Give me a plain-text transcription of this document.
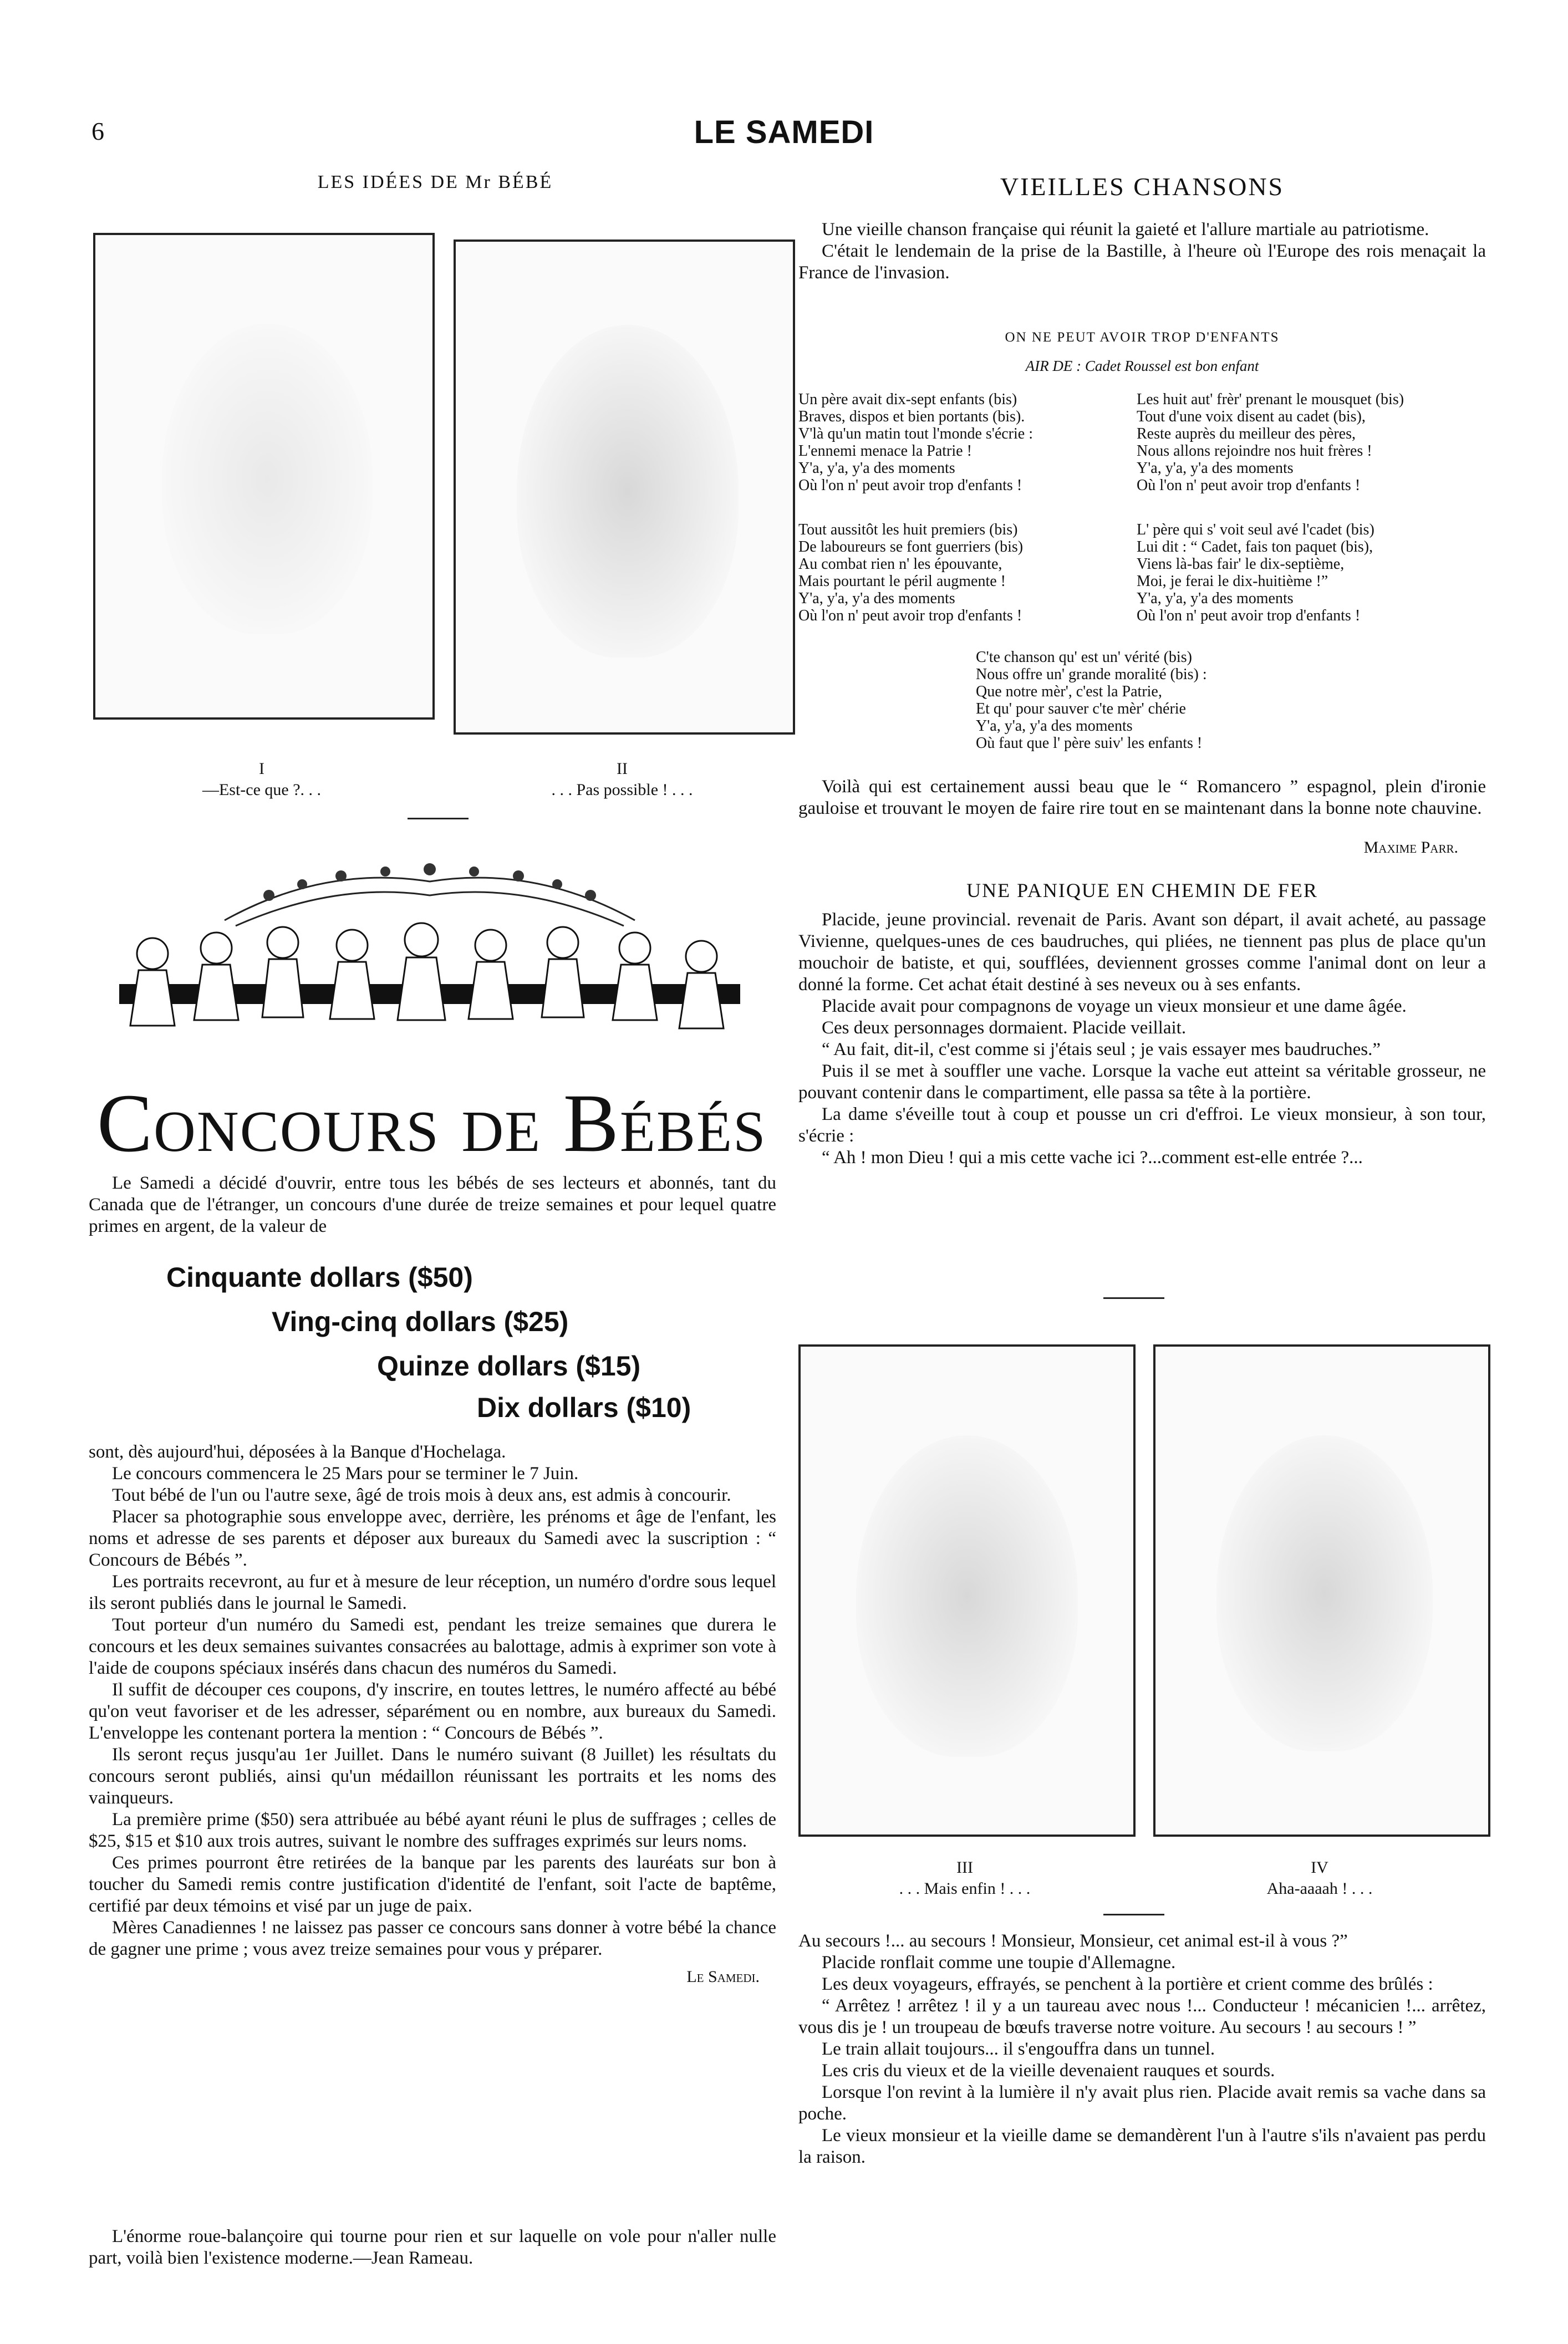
6	LE SAMEDI
LES IDÉES DE Mr BÉBÉ
I
—Est-ce que ?. . .
II
. . . Pas possible ! . . .
Concours de Bébés

Le Samedi a décidé d'ouvrir, entre tous les bébés de ses lecteurs et abonnés, tant du Canada que de l'étranger, un concours d'une durée de treize semaines et pour lequel quatre primes en argent, de la valeur de

Cinquante dollars ($50)
Ving-cinq dollars ($25)
Quinze dollars ($15)
Dix dollars ($10)

sont, dès aujourd'hui, déposées à la Banque d'Hochelaga.

Le concours commencera le 25 Mars pour se terminer le 7 Juin.

Tout bébé de l'un ou l'autre sexe, âgé de trois mois à deux ans, est admis à concourir.

Placer sa photographie sous enveloppe avec, derrière, les prénoms et âge de l'enfant, les noms et adresse de ses parents et déposer aux bureaux du Samedi avec la suscription : “ Concours de Bébés ”.

Les portraits recevront, au fur et à mesure de leur réception, un numéro d'ordre sous lequel ils seront publiés dans le journal le Samedi.

Tout porteur d'un numéro du Samedi est, pendant les treize semaines que durera le concours et les deux semaines suivantes consacrées au balottage, admis à exprimer son vote à l'aide de coupons spéciaux insérés dans chacun des numéros du Samedi.

Il suffit de découper ces coupons, d'y inscrire, en toutes lettres, le numéro affecté au bébé qu'on veut favoriser et de les adresser, séparément ou en nombre, aux bureaux du Samedi. L'enveloppe les contenant portera la mention : “ Concours de Bébés ”.

Ils seront reçus jusqu'au 1er Juillet. Dans le numéro suivant (8 Juillet) les résultats du concours seront publiés, ainsi qu'un médaillon réunissant les portraits et les noms des vainqueurs.

La première prime ($50) sera attribuée au bébé ayant réuni le plus de suffrages ; celles de $25, $15 et $10 aux trois autres, suivant le nombre des suffrages exprimés sur leurs noms.

Ces primes pourront être retirées de la banque par les parents des lauréats sur bon à toucher du Samedi remis contre justification d'identité de l'enfant, soit l'acte de baptême, certifié par deux témoins et visé par un juge de paix.

Mères Canadiennes ! ne laissez pas passer ce concours sans donner à votre bébé la chance de gagner une prime ; vous avez treize semaines pour vous y préparer.

Le Samedi.

L'énorme roue-balançoire qui tourne pour rien et sur laquelle on vole pour n'aller nulle part, voilà bien l'existence moderne.—Jean Rameau.

VIEILLES CHANSONS

Une vieille chanson française qui réunit la gaieté et l'allure martiale au patriotisme.

C'était le lendemain de la prise de la Bastille, à l'heure où l'Europe des rois menaçait la France de l'invasion.

ON NE PEUT AVOIR TROP D'ENFANTS
AIR DE : Cadet Roussel est bon enfant
Un père avait dix-sept enfants (bis)
Braves, dispos et bien portants (bis).
V'là qu'un matin tout l'monde s'écrie :
L'ennemi menace la Patrie !
Y'a, y'a, y'a des moments
Où l'on n' peut avoir trop d'enfants !
Les huit aut' frèr' prenant le mousquet (bis)
Tout d'une voix disent au cadet (bis),
Reste auprès du meilleur des pères,
Nous allons rejoindre nos huit frères !
Y'a, y'a, y'a des moments
Où l'on n' peut avoir trop d'enfants !
Tout aussitôt les huit premiers (bis)
De laboureurs se font guerriers (bis)
Au combat rien n' les épouvante,
Mais pourtant le péril augmente !
Y'a, y'a, y'a des moments
Où l'on n' peut avoir trop d'enfants !
L' père qui s' voit seul avé l'cadet (bis)
Lui dit : “ Cadet, fais ton paquet (bis),
Viens là-bas fair' le dix-septième,
Moi, je ferai le dix-huitième !”
Y'a, y'a, y'a des moments
Où l'on n' peut avoir trop d'enfants !
C'te chanson qu' est un' vérité (bis)
Nous offre un' grande moralité (bis) :
Que notre mèr', c'est la Patrie,
Et qu' pour sauver c'te mèr' chérie
Y'a, y'a, y'a des moments
Où faut que l' père suiv' les enfants !

Voilà qui est certainement aussi beau que le “ Romancero ” espagnol, plein d'ironie gauloise et trouvant le moyen de faire rire tout en se maintenant dans la bonne note chauvine.

Maxime Parr.
UNE PANIQUE EN CHEMIN DE FER

Placide, jeune provincial. revenait de Paris. Avant son départ, il avait acheté, au passage Vivienne, quelques-unes de ces baudruches, qui pliées, ne tiennent pas plus de place qu'un mouchoir de batiste, et qui, soufflées, deviennent grosses comme l'animal dont on leur a donné la forme. Cet achat était destiné à ses neveux ou à ses enfants.

Placide avait pour compagnons de voyage un vieux monsieur et une dame âgée.

Ces deux personnages dormaient. Placide veillait.

“ Au fait, dit-il, c'est comme si j'étais seul ; je vais essayer mes baudruches.”

Puis il se met à souffler une vache. Lorsque la vache eut atteint sa véritable grosseur, ne pouvant contenir dans le compartiment, elle passa sa tête à la portière.

La dame s'éveille tout à coup et pousse un cri d'effroi. Le vieux monsieur, à son tour, s'écrie :

“ Ah ! mon Dieu ! qui a mis cette vache ici ?...comment est-elle entrée ?...

III
. . . Mais enfin ! . . .
IV
Aha-aaaah ! . . .

Au secours !... au secours ! Monsieur, Monsieur, cet animal est-il à vous ?”

Placide ronflait comme une toupie d'Allemagne.

Les deux voyageurs, effrayés, se penchent à la portière et crient comme des brûlés :

“ Arrêtez ! arrêtez ! il y a un taureau avec nous !... Conducteur ! mécanicien !... arrêtez, vous dis je ! un troupeau de bœufs traverse notre voiture. Au secours ! au secours ! ”

Le train allait toujours... il s'engouffra dans un tunnel.

Les cris du vieux et de la vieille devenaient rauques et sourds.

Lorsque l'on revint à la lumière il n'y avait plus rien. Placide avait remis sa vache dans sa poche.

Le vieux monsieur et la vieille dame se demandèrent l'un à l'autre s'ils n'avaient pas perdu la raison.
